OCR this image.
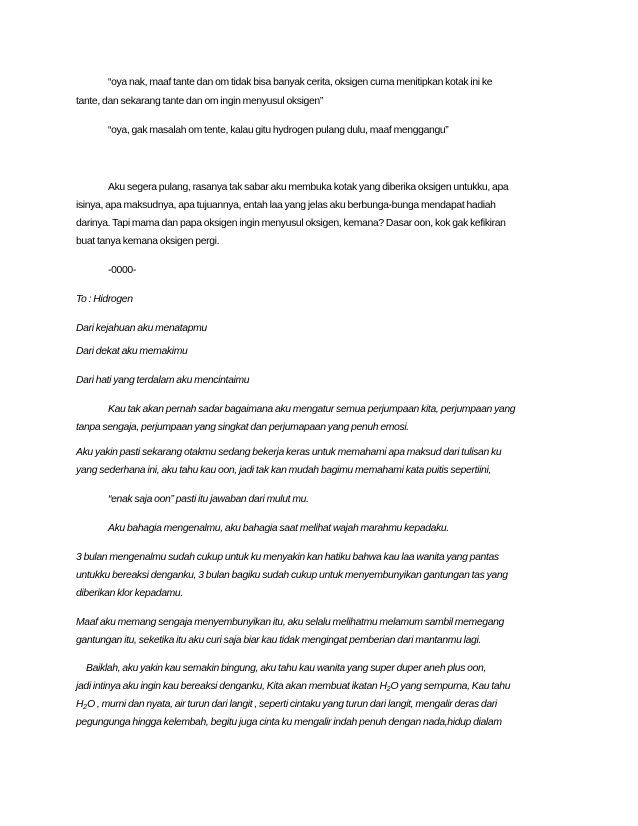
“oya nak, maaf tante dan om tidak bisa banyak cerita, oksigen cuma menitipkan kotak ini ke
tante, dan sekarang tante dan om ingin menyusul oksigen”
“oya, gak masalah om tente, kalau gitu hydrogen pulang dulu, maaf menggangu”
Aku segera pulang, rasanya tak sabar aku membuka kotak yang diberika oksigen untukku, apa
isinya, apa maksudnya, apa tujuannya, entah laa yang jelas aku berbunga-bunga mendapat hadiah
darinya. Tapi mama dan papa oksigen ingin menyusul oksigen, kemana? Dasar oon, kok gak kefikiran
buat tanya kemana oksigen pergi.
-0000-
To : Hidrogen
Dari kejahuan aku menatapmu
Dari dekat aku memakimu
Dari hati yang terdalam aku mencintaimu
Kau tak akan pernah sadar bagaimana aku mengatur semua perjumpaan kita, perjumpaan yang
tanpa sengaja, perjumpaan yang singkat dan perjumapaan yang penuh emosi.
Aku yakin pasti sekarang otakmu sedang bekerja keras untuk memahami apa maksud dari tulisan ku
yang sederhana ini, aku tahu kau oon, jadi tak kan mudah bagimu memahami kata puitis sepertiini,
“enak saja oon” pasti itu jawaban dari mulut mu.
Aku bahagia mengenalmu, aku bahagia saat melihat wajah marahmu kepadaku.
3 bulan mengenalmu sudah cukup untuk ku menyakin kan hatiku bahwa kau laa wanita yang pantas
untukku bereaksi denganku, 3 bulan bagiku sudah cukup untuk menyembunyikan gantungan tas yang
diberikan klor kepadamu.
Maaf aku memang sengaja menyembunyikan itu, aku selalu melihatmu melamum sambil memegang
gantungan itu, seketika itu aku curi saja biar kau tidak mengingat pemberian dari mantanmu lagi.
Baiklah, aku yakin kau semakin bingung, aku tahu kau wanita yang super duper aneh plus oon,
jadi intinya aku ingin kau bereaksi denganku, Kita akan membuat ikatan $H_2O$ yang sempurna, Kau tahu
$H_2O$ , murni dan nyata, air turun dari langit , seperti cintaku yang turun dari langit, mengalir deras dari
pegungunga hingga kelembah, begitu juga cinta ku mengalir indah penuh dengan nada,hidup dialam
